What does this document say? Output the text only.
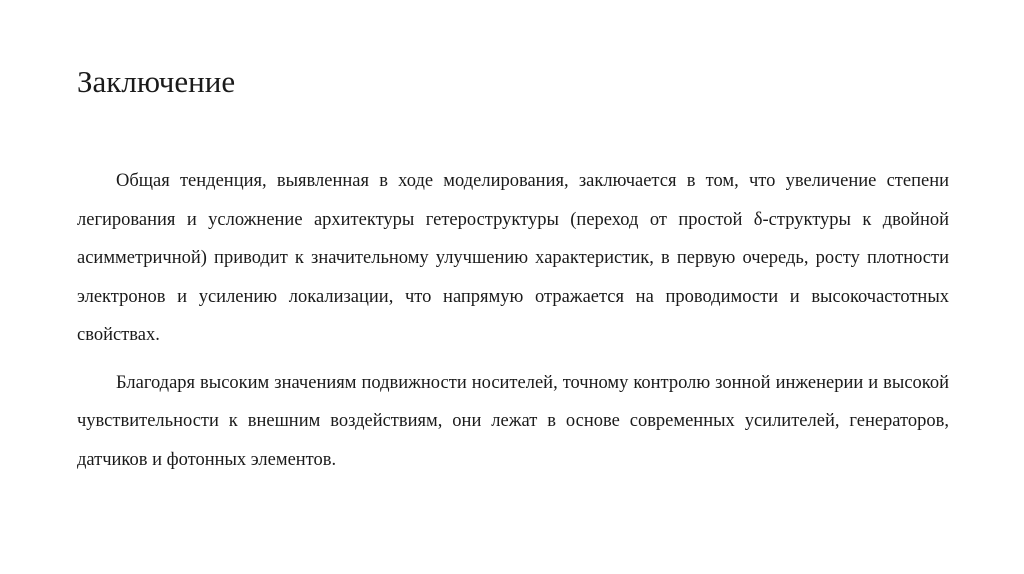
Заключение

Общая тенденция, выявленная в ходе моделирования, заключается в том, что увеличение степени легирования и усложнение архитектуры гетероструктуры (переход от простой δ-структуры к двойной асимметричной) приводит к значительному улучшению характеристик, в первую очередь, росту плотности электронов и усилению локализации, что напрямую отражается на проводимости и высокочастотных свойствах.

Благодаря высоким значениям подвижности носителей, точному контролю зонной инженерии и высокой чувствительности к внешним воздействиям, они лежат в основе современных усилителей, генераторов, датчиков и фотонных элементов.
